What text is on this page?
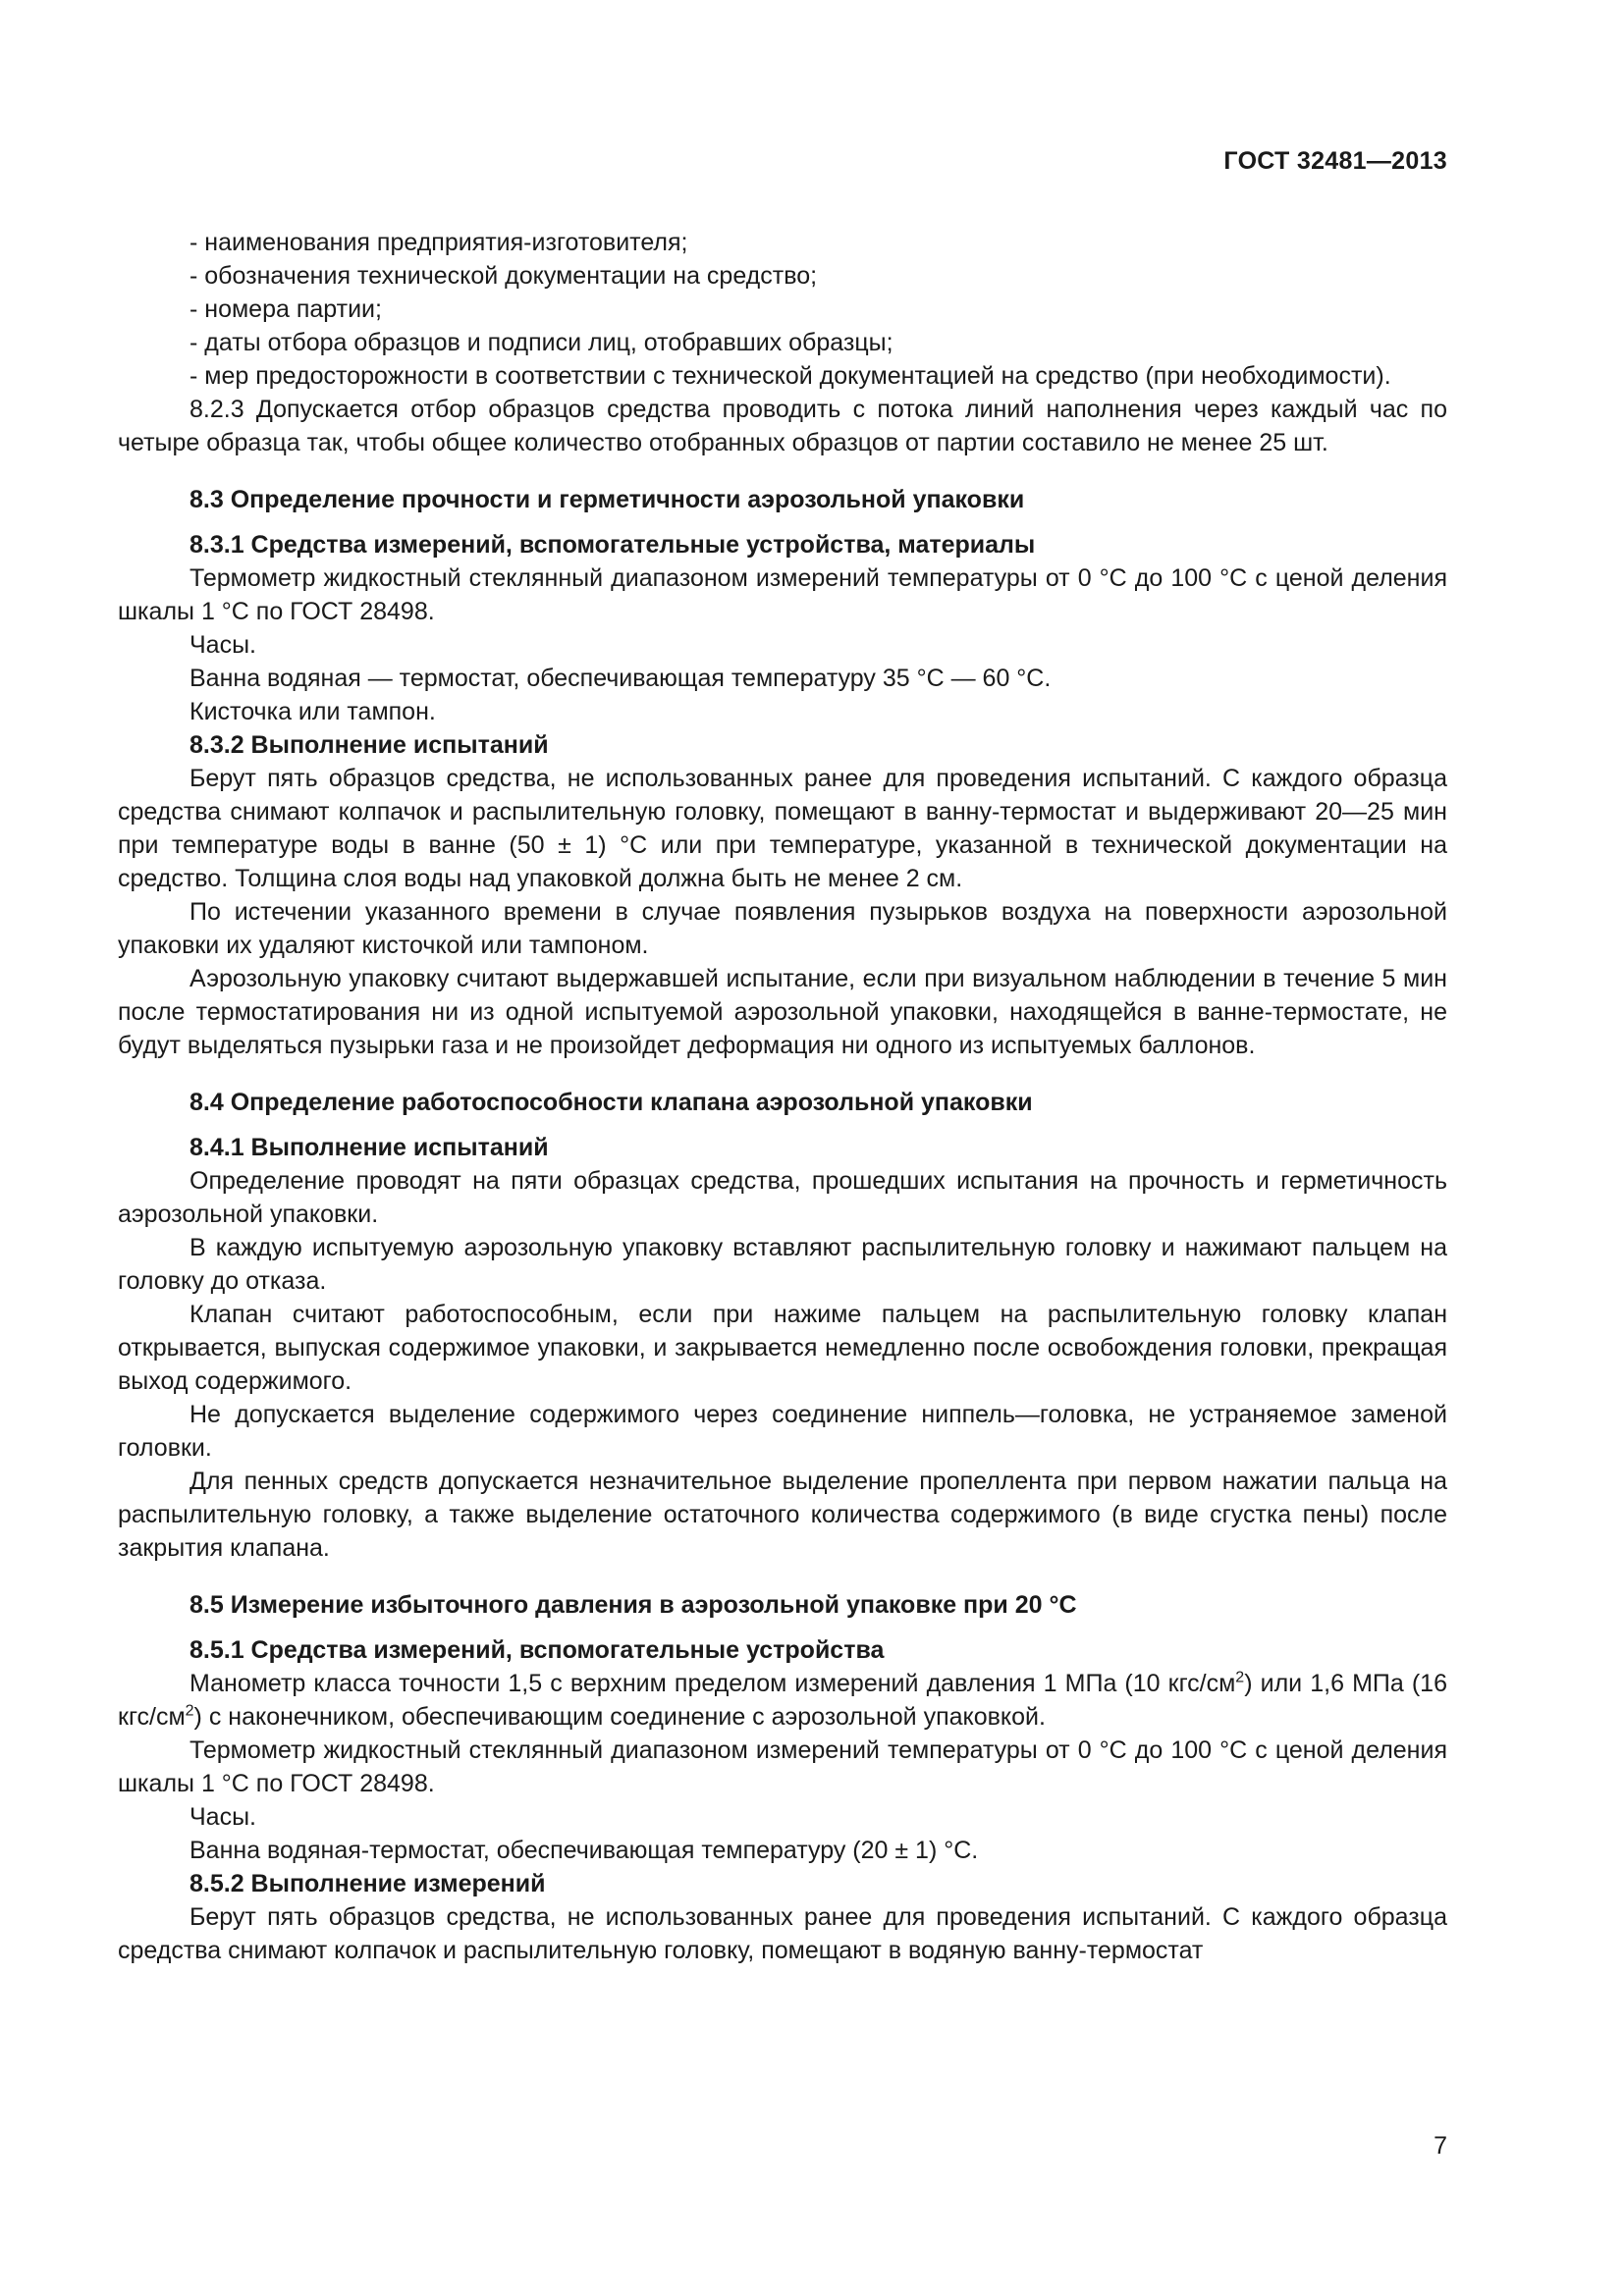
ГОСТ 32481—2013

- наименования предприятия-изготовителя;

- обозначения технической документации на средство;

- номера партии;

- даты отбора образцов и подписи лиц, отобравших образцы;

- мер предосторожности в соответствии с технической документацией на средство (при необходимости).

8.2.3 Допускается отбор образцов средства проводить с потока линий наполнения через каждый час по четыре образца так, чтобы общее количество отобранных образцов от партии составило не менее 25 шт.

8.3 Определение прочности и герметичности аэрозольной упаковки

8.3.1 Средства измерений, вспомогательные устройства, материалы

Термометр жидкостный стеклянный диапазоном измерений температуры от 0 °С до 100 °С с ценой деления шкалы 1 °С по ГОСТ 28498.

Часы.

Ванна водяная — термостат, обеспечивающая температуру 35 °С — 60 °С.

Кисточка или тампон.

8.3.2 Выполнение испытаний

Берут пять образцов средства, не использованных ранее для проведения испытаний. С каждого образца средства снимают колпачок и распылительную головку, помещают в ванну-термостат и выдерживают 20—25 мин при температуре воды в ванне (50 ± 1) °С или при температуре, указанной в технической документации на средство. Толщина слоя воды над упаковкой должна быть не менее 2 см.

По истечении указанного времени в случае появления пузырьков воздуха на поверхности аэрозольной упаковки их удаляют кисточкой или тампоном.

Аэрозольную упаковку считают выдержавшей испытание, если при визуальном наблюдении в течение 5 мин после термостатирования ни из одной испытуемой аэрозольной упаковки, находящейся в ванне-термостате, не будут выделяться пузырьки газа и не произойдет деформация ни одного из испытуемых баллонов.

8.4 Определение работоспособности клапана аэрозольной упаковки

8.4.1 Выполнение испытаний

Определение проводят на пяти образцах средства, прошедших испытания на прочность и герметичность аэрозольной упаковки.

В каждую испытуемую аэрозольную упаковку вставляют распылительную головку и нажимают пальцем на головку до отказа.

Клапан считают работоспособным, если при нажиме пальцем на распылительную головку клапан открывается, выпуская содержимое упаковки, и закрывается немедленно после освобождения головки, прекращая выход содержимого.

Не допускается выделение содержимого через соединение ниппель—головка, не устраняемое заменой головки.

Для пенных средств допускается незначительное выделение пропеллента при первом нажатии пальца на распылительную головку, а также выделение остаточного количества содержимого (в виде сгустка пены) после закрытия клапана.

8.5 Измерение избыточного давления в аэрозольной упаковке при 20 °С

8.5.1 Средства измерений, вспомогательные устройства

Манометр класса точности 1,5 с верхним пределом измерений давления 1 МПа (10 кгс/$см^2$) или 1,6 МПа (16 кгс/$см^2$) с наконечником, обеспечивающим соединение с аэрозольной упаковкой.

Термометр жидкостный стеклянный диапазоном измерений температуры от 0 °С до 100 °С с ценой деления шкалы 1 °С по ГОСТ 28498.

Часы.

Ванна водяная-термостат, обеспечивающая температуру (20 ± 1) °С.

8.5.2 Выполнение измерений

Берут пять образцов средства, не использованных ранее для проведения испытаний. С каждого образца средства снимают колпачок и распылительную головку, помещают в водяную ванну-термостат

7
